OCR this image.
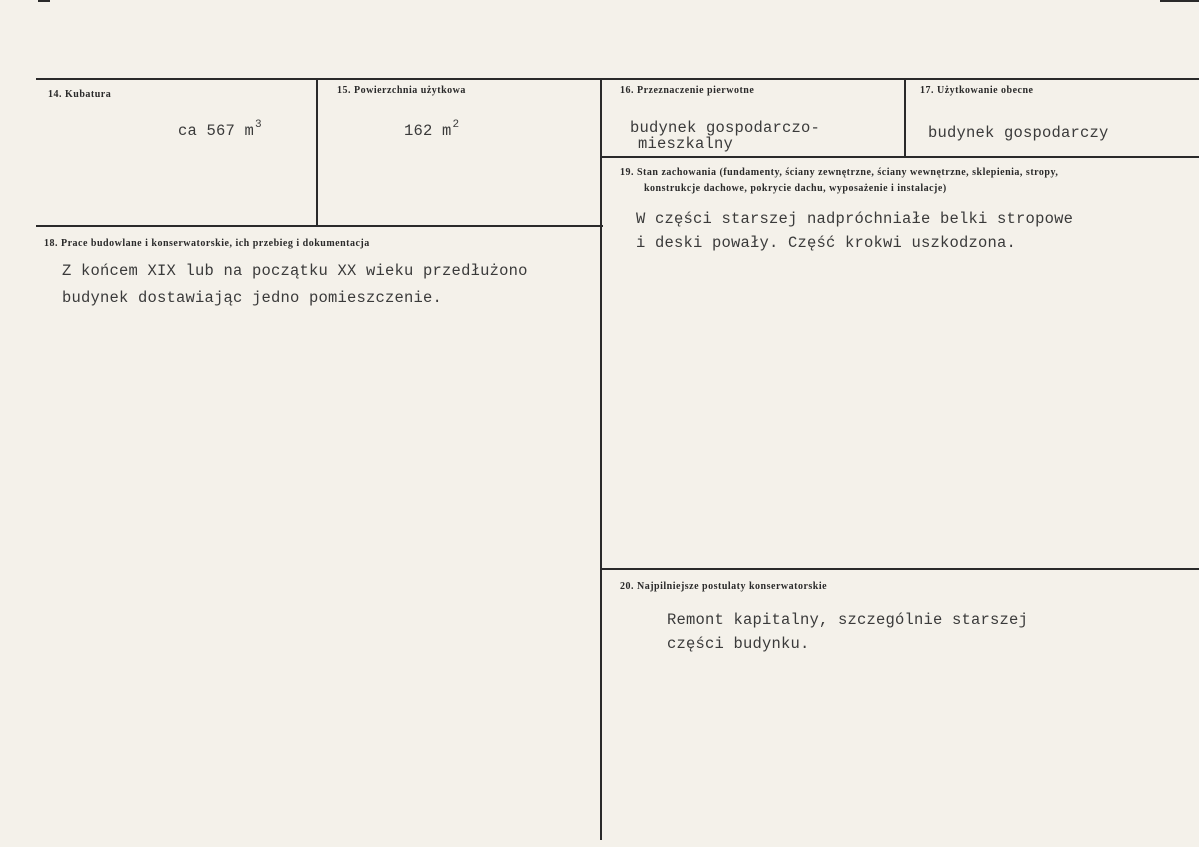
14. Kubatura
ca 567 $m^3$
15. Powierzchnia użytkowa
162 $m^2$
16. Przeznaczenie pierwotne
budynek gospodarczo-
mieszkalny
17. Użytkowanie obecne
budynek gospodarczy
18. Prace budowlane i konserwatorskie, ich przebieg i dokumentacja
Z końcem XIX lub na początku XX wieku przedłużono
budynek dostawiając jedno pomieszczenie.
19. Stan zachowania (fundamenty, ściany zewnętrzne, ściany wewnętrzne, sklepienia, stropy,
konstrukcje dachowe, pokrycie dachu, wyposażenie i instalacje)
W części starszej nadpróchniałe belki stropowe
i deski powały. Część krokwi uszkodzona.
20. Najpilniejsze postulaty konserwatorskie
Remont kapitalny, szczególnie starszej
części budynku.
